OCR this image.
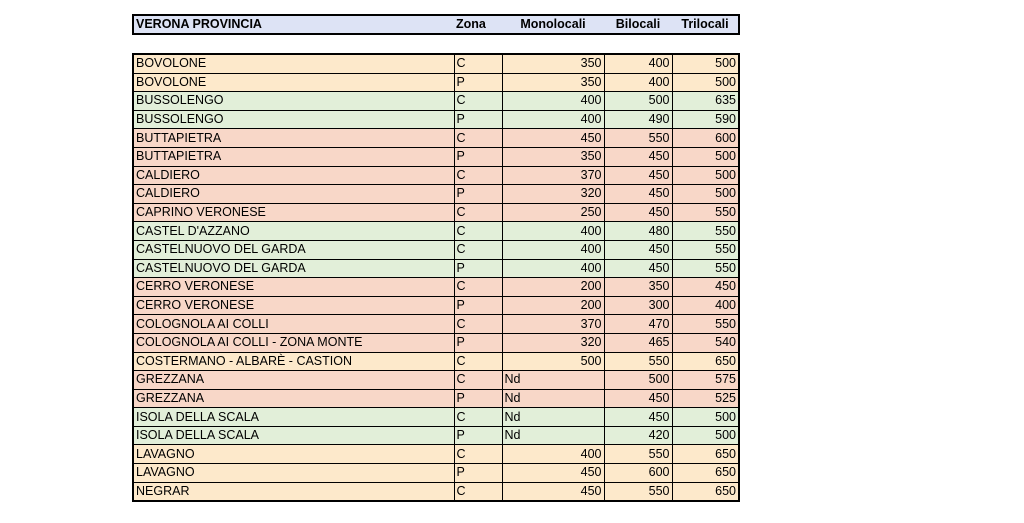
VERONA PROVINCIA	Zona	Monolocali	Bilocali	Trilocali
BOVOLONE	C	350	400	500
BOVOLONE	P	350	400	500
BUSSOLENGO	C	400	500	635
BUSSOLENGO	P	400	490	590
BUTTAPIETRA	C	450	550	600
BUTTAPIETRA	P	350	450	500
CALDIERO	C	370	450	500
CALDIERO	P	320	450	500
CAPRINO VERONESE	C	250	450	550
CASTEL D'AZZANO	C	400	480	550
CASTELNUOVO DEL GARDA	C	400	450	550
CASTELNUOVO DEL GARDA	P	400	450	550
CERRO VERONESE	C	200	350	450
CERRO VERONESE	P	200	300	400
COLOGNOLA AI COLLI	C	370	470	550
COLOGNOLA AI COLLI - ZONA MONTE	P	320	465	540
COSTERMANO - ALBARÈ - CASTION	C	500	550	650
GREZZANA	C	Nd	500	575
GREZZANA	P	Nd	450	525
ISOLA DELLA SCALA	C	Nd	450	500
ISOLA DELLA SCALA	P	Nd	420	500
LAVAGNO	C	400	550	650
LAVAGNO	P	450	600	650
NEGRAR	C	450	550	650
